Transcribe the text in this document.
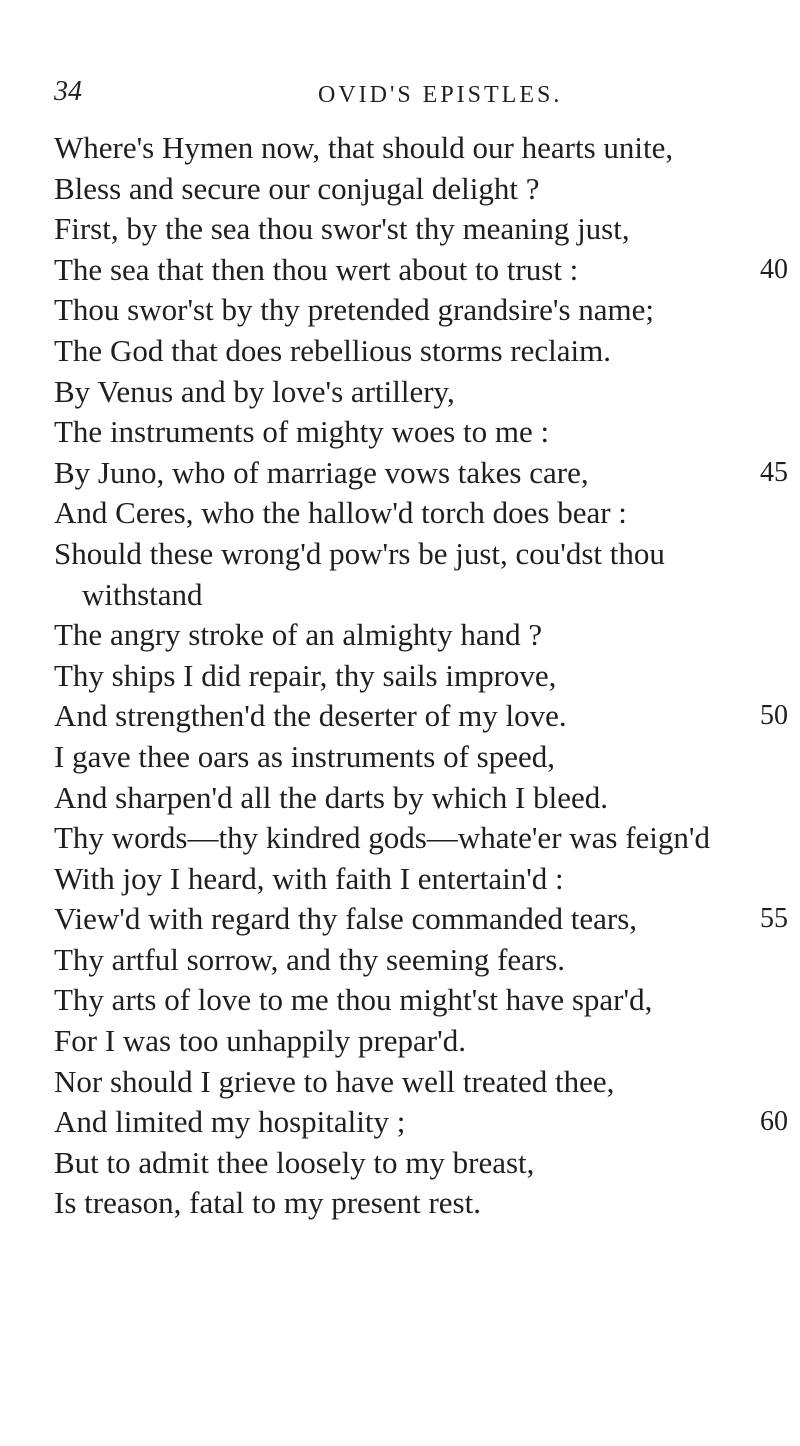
34	OVID'S EPISTLES.
Where's Hymen now, that should our hearts unite,
Bless and secure our conjugal delight ?
First, by the sea thou swor'st thy meaning just,
The sea that then thou wert about to trust :	40
Thou swor'st by thy pretended grandsire's name;
The God that does rebellious storms reclaim.
By Venus and by love's artillery,
The instruments of mighty woes to me :
By Juno, who of marriage vows takes care,	45
And Ceres, who the hallow'd torch does bear :
Should these wrong'd pow'rs be just, cou'dst thou
withstand
The angry stroke of an almighty hand ?
Thy ships I did repair, thy sails improve,
And strengthen'd the deserter of my love.	50
I gave thee oars as instruments of speed,
And sharpen'd all the darts by which I bleed.
Thy words—thy kindred gods—whate'er was feign'd
With joy I heard, with faith I entertain'd :
View'd with regard thy false commanded tears,	55
Thy artful sorrow, and thy seeming fears.
Thy arts of love to me thou might'st have spar'd,
For I was too unhappily prepar'd.
Nor should I grieve to have well treated thee,
And limited my hospitality ;	60
But to admit thee loosely to my breast,
Is treason, fatal to my present rest.
